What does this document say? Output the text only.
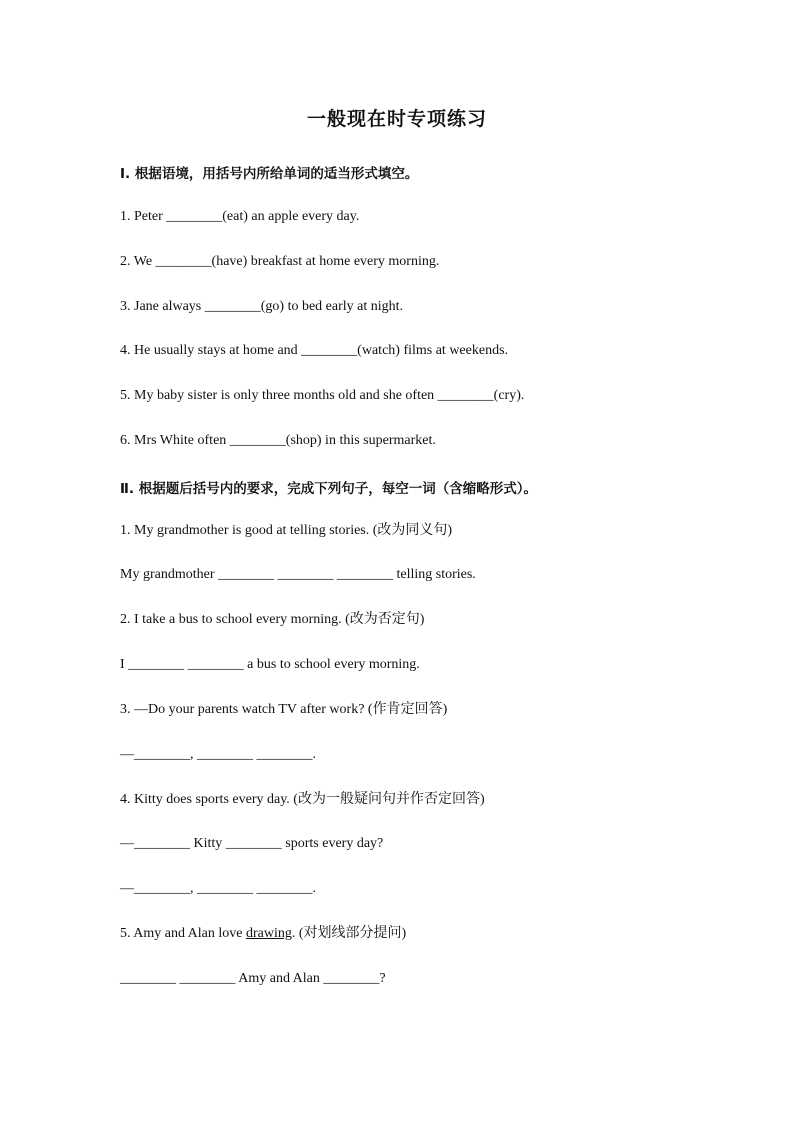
一般现在时专项练习
Ⅰ. 根据语境，用括号内所给单词的适当形式填空。
1. Peter ________(eat) an apple every day.
2. We ________(have) breakfast at home every morning.
3. Jane always ________(go) to bed early at night.
4. He usually stays at home and ________(watch) films at weekends.
5. My baby sister is only three months old and she often ________(cry).
6. Mrs White often ________(shop) in this supermarket.
Ⅱ. 根据题后括号内的要求，完成下列句子，每空一词（含缩略形式）。
1. My grandmother is good at telling stories. (改为同义句)
My grandmother ________ ________ ________ telling stories.
2. I take a bus to school every morning. (改为否定句)
I ________ ________ a bus to school every morning.
3. —Do your parents watch TV after work? (作肯定回答)
—________, ________ ________.
4. Kitty does sports every day. (改为一般疑问句并作否定回答)
—________ Kitty ________ sports every day?
—________, ________ ________.
5. Amy and Alan love drawing. (对划线部分提问)
________ ________ Amy and Alan ________?
